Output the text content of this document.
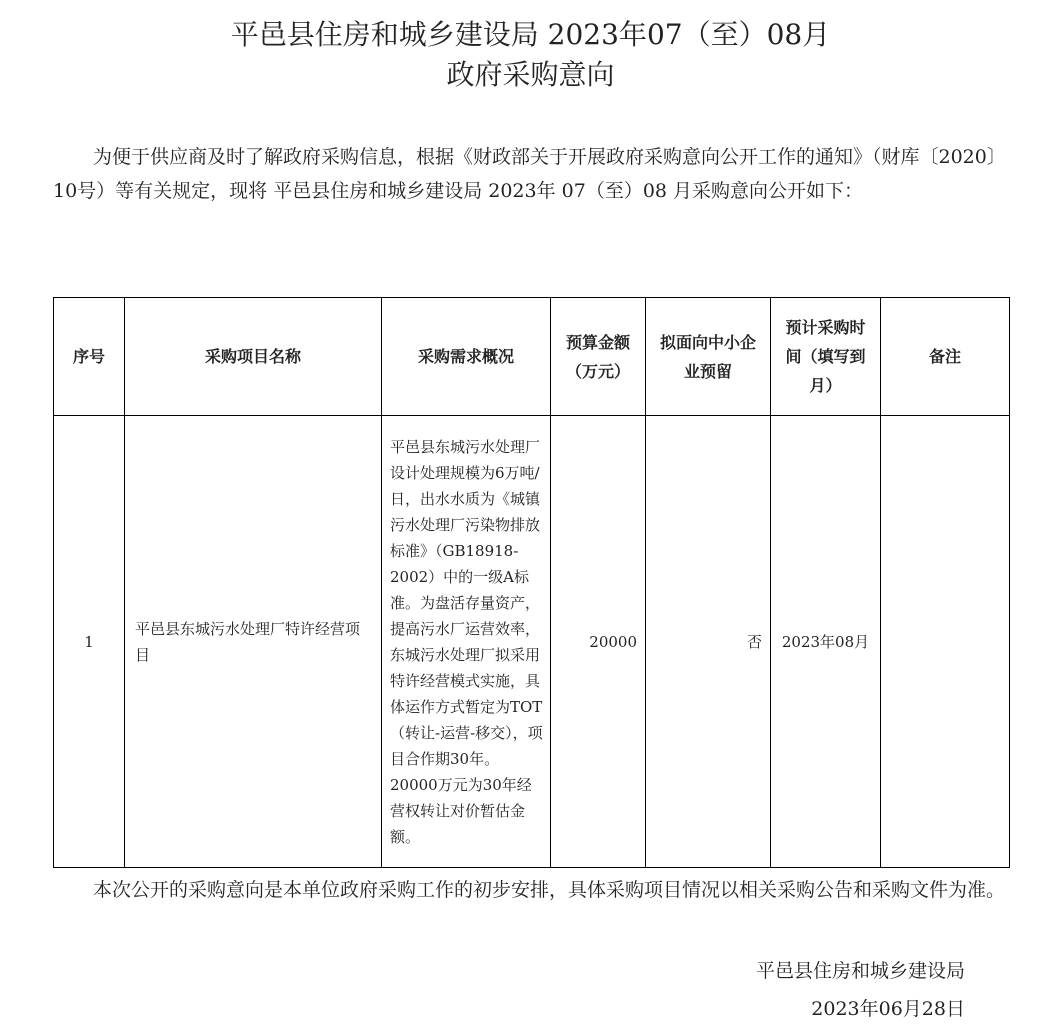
平邑县住房和城乡建设局 2023年07（至）08月
政府采购意向

为便于供应商及时了解政府采购信息，根据《财政部关于开展政府采购意向公开工作的通知》（财库〔2020〕10号）等有关规定，现将 平邑县住房和城乡建设局 2023年 07（至）08 月采购意向公开如下：

序号	采购项目名称	采购需求概况	预算金额（万元）	拟面向中小企业预留	预计采购时间（填写到月）	备注
1	平邑县东城污水处理厂特许经营项目	平邑县东城污水处理厂设计处理规模为6万吨/日，出水水质为《城镇污水处理厂污染物排放标准》（GB18918-2002）中的一级A标准。为盘活存量资产，提高污水厂运营效率，东城污水处理厂拟采用特许经营模式实施，具体运作方式暂定为TOT（转让-运营-移交），项目合作期30年。20000万元为30年经营权转让对价暂估金额。	20000	否	2023年08月	

本次公开的采购意向是本单位政府采购工作的初步安排，具体采购项目情况以相关采购公告和采购文件为准。

平邑县住房和城乡建设局
2023年06月28日
